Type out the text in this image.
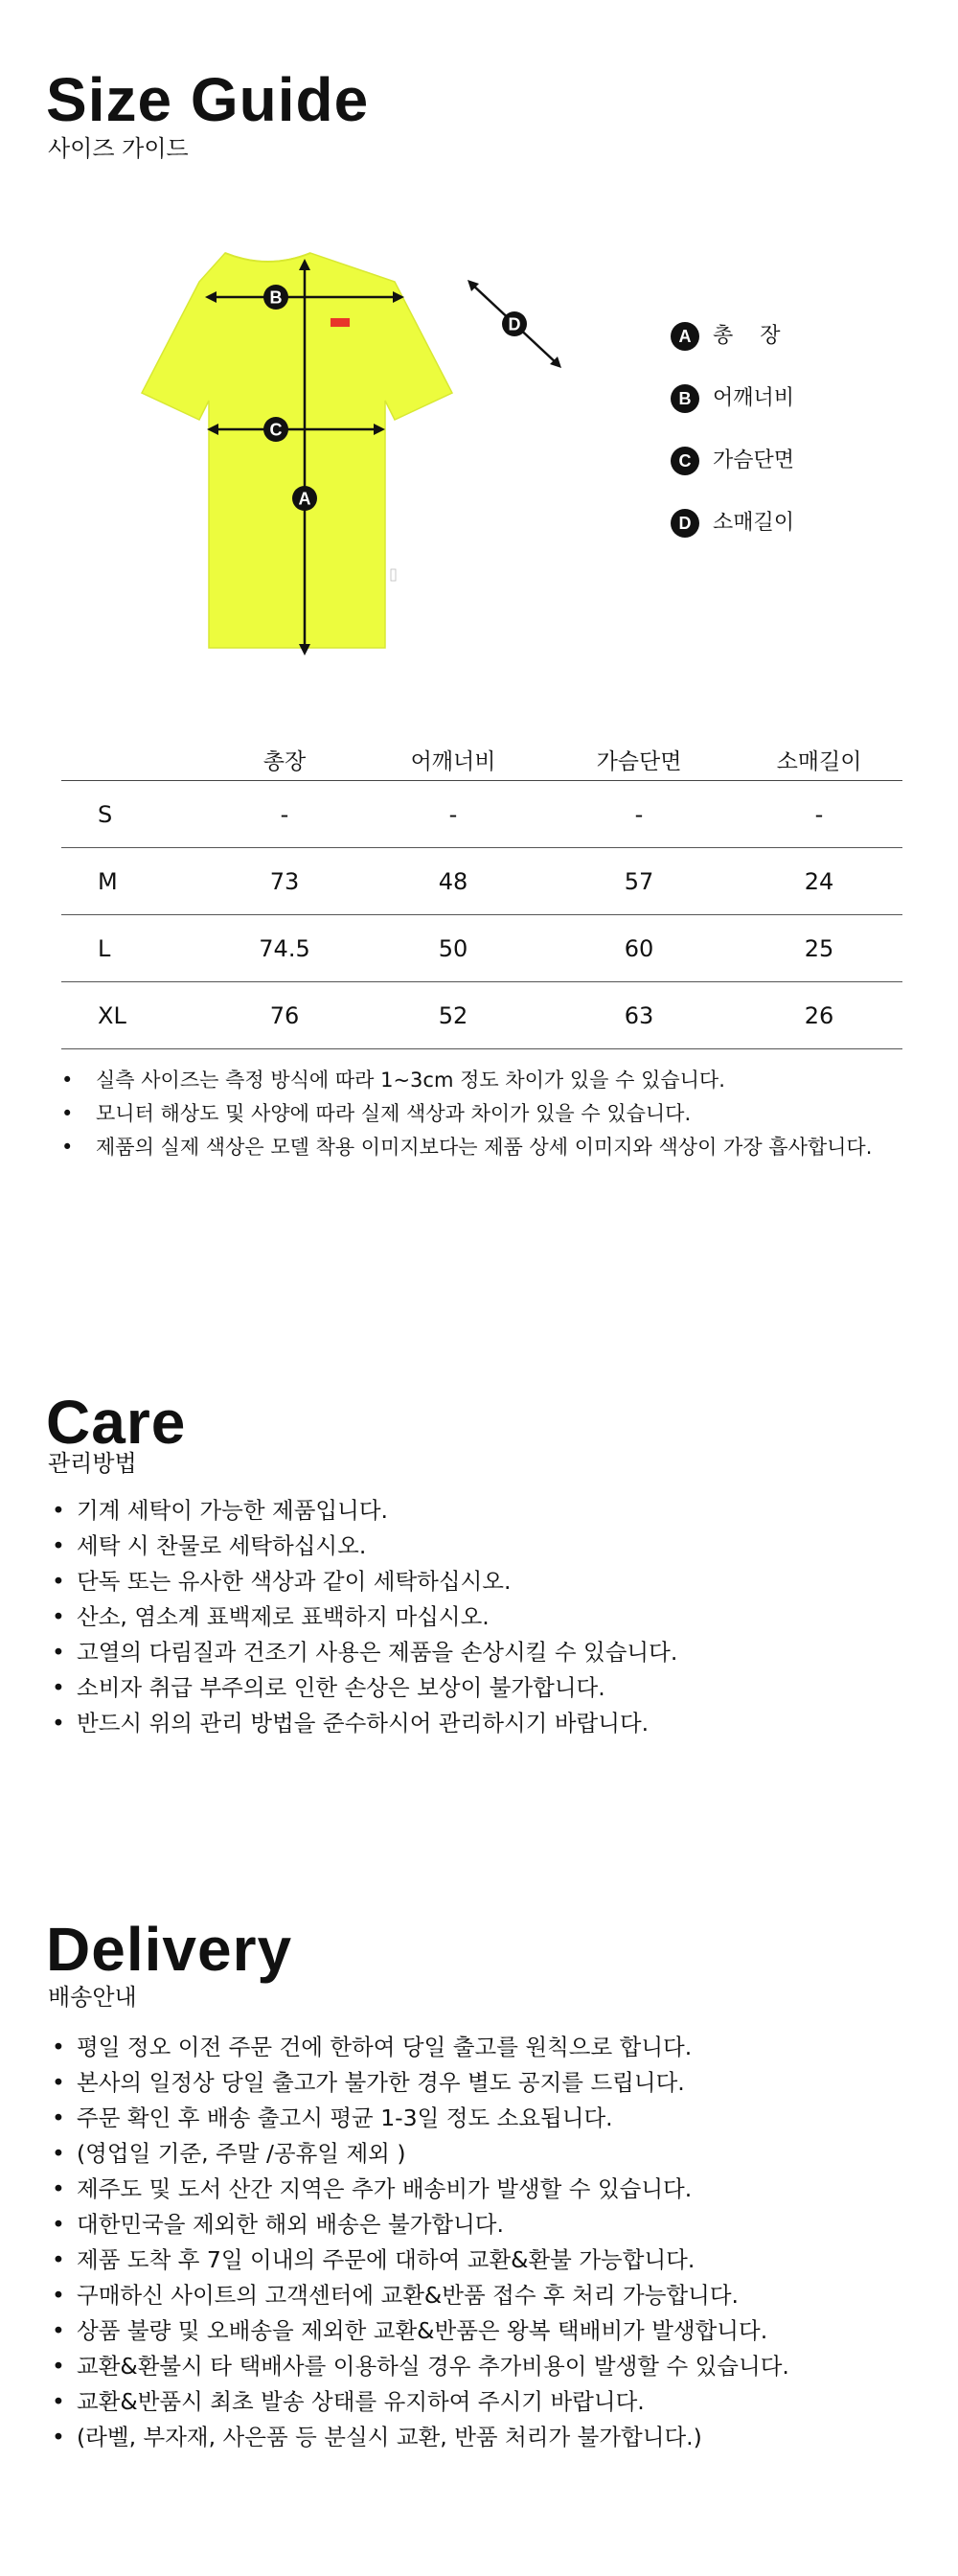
Size Guide
사이즈 가이드
B
C
A
D
A	총    장
B	어깨너비
C	가슴단면
D	소매길이
	총장	어깨너비	가슴단면	소매길이
S	-	-	-	-
M	73	48	57	24
L	74.5	50	60	25
XL	76	52	63	26
• 실측 사이즈는 측정 방식에 따라 1~3cm 정도 차이가 있을 수 있습니다.
• 모니터 해상도 및 사양에 따라 실제 색상과 차이가 있을 수 있습니다.
• 제품의 실제 색상은 모델 착용 이미지보다는 제품 상세 이미지와 색상이 가장 흡사합니다.
Care
관리방법
• 기계 세탁이 가능한 제품입니다.
• 세탁 시 찬물로 세탁하십시오.
• 단독 또는 유사한 색상과 같이 세탁하십시오.
• 산소, 염소계 표백제로 표백하지 마십시오.
• 고열의 다림질과 건조기 사용은 제품을 손상시킬 수 있습니다.
• 소비자 취급 부주의로 인한 손상은 보상이 불가합니다.
• 반드시 위의 관리 방법을 준수하시어 관리하시기 바랍니다.
Delivery
배송안내
• 평일 정오 이전 주문 건에 한하여 당일 출고를 원칙으로 합니다.
• 본사의 일정상 당일 출고가 불가한 경우 별도 공지를 드립니다.
• 주문 확인 후 배송 출고시 평균 1-3일 정도 소요됩니다.
• (영업일 기준, 주말 /공휴일 제외 )
• 제주도 및 도서 산간 지역은 추가 배송비가 발생할 수 있습니다.
• 대한민국을 제외한 해외 배송은 불가합니다.
• 제품 도착 후 7일 이내의 주문에 대하여 교환&환불 가능합니다.
• 구매하신 사이트의 고객센터에 교환&반품 접수 후 처리 가능합니다.
• 상품 불량 및 오배송을 제외한 교환&반품은 왕복 택배비가 발생합니다.
• 교환&환불시 타 택배사를 이용하실 경우 추가비용이 발생할 수 있습니다.
• 교환&반품시 최초 발송 상태를 유지하여 주시기 바랍니다.
• (라벨, 부자재, 사은품 등 분실시 교환, 반품 처리가 불가합니다.)
